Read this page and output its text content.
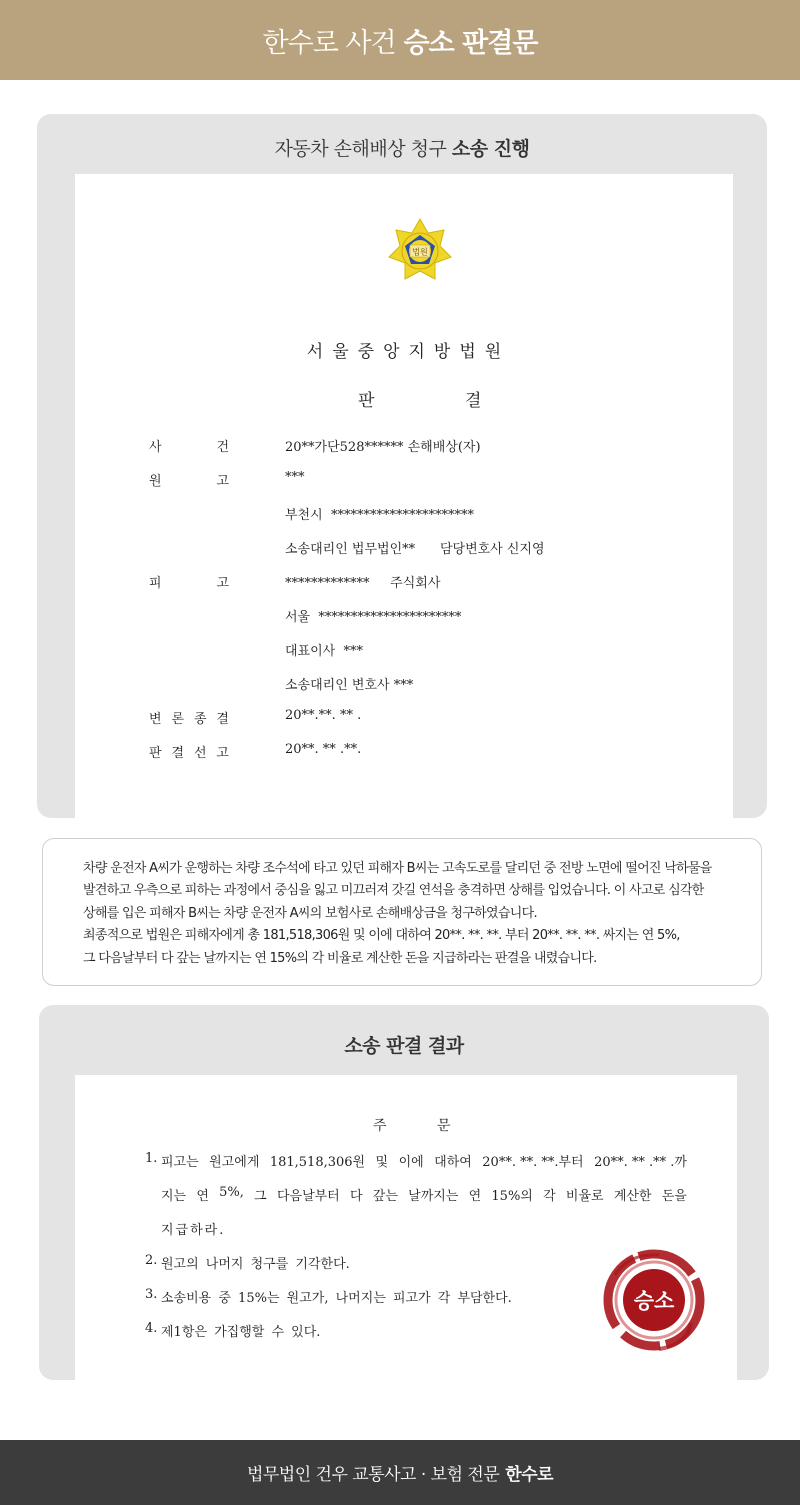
한수로 사건 승소 판결문
자동차 손해배상 청구 소송 진행
법원
서울중앙지방법원
판	결
사	건	20**가단528****** 손해배상(자)
원	고	***
부천시  **********************
소송대리인 법무법인**      담당변호사 신지영
피	고	*************     주식회사
서울  **********************
대표이사  ***
소송대리인 변호사 ***
변 론 종 결	20**.**. ** .
판 결 선 고	20**. ** .**.

차량 운전자 A씨가 운행하는 차량 조수석에 타고 있던 피해자 B씨는 고속도로를 달리던 중 전방 노면에 떨어진 낙하물을

발견하고 우측으로 피하는 과정에서 중심을 잃고 미끄러져 갓길 연석을 충격하면 상해를 입었습니다. 이 사고로 심각한

상해를 입은 피해자 B씨는 차량 운전자 A씨의 보험사로 손해배상금을 청구하였습니다.

최종적으로 법원은 피해자에게 총 181,518,306원 및 이에 대하여 20**. **. **. 부터 20**. **. **. 싸지는 연 5%,

그 다음날부터 다 갚는 날까지는 연 15%의 각 비율로 계산한 돈을 지급하라는 판결을 내렸습니다.

소송 판결 결과
주	문
1. 피고는 원고에게 181,518,306원 및 이에 대하여 20**. **. **.부터 20**. ** .** .까
지는 연 5%, 그 다음날부터 다 갚는 날까지는 연 15%의 각 비율로 계산한 돈을
지급하라.
2. 원고의 나머지 청구를 기각한다.
3. 소송비용 중 15%는 원고가, 나머지는 피고가 각 부담한다.
4. 제1항은 가집행할 수 있다.
승소
법무법인 건우 교통사고 · 보험 전문 한수로
